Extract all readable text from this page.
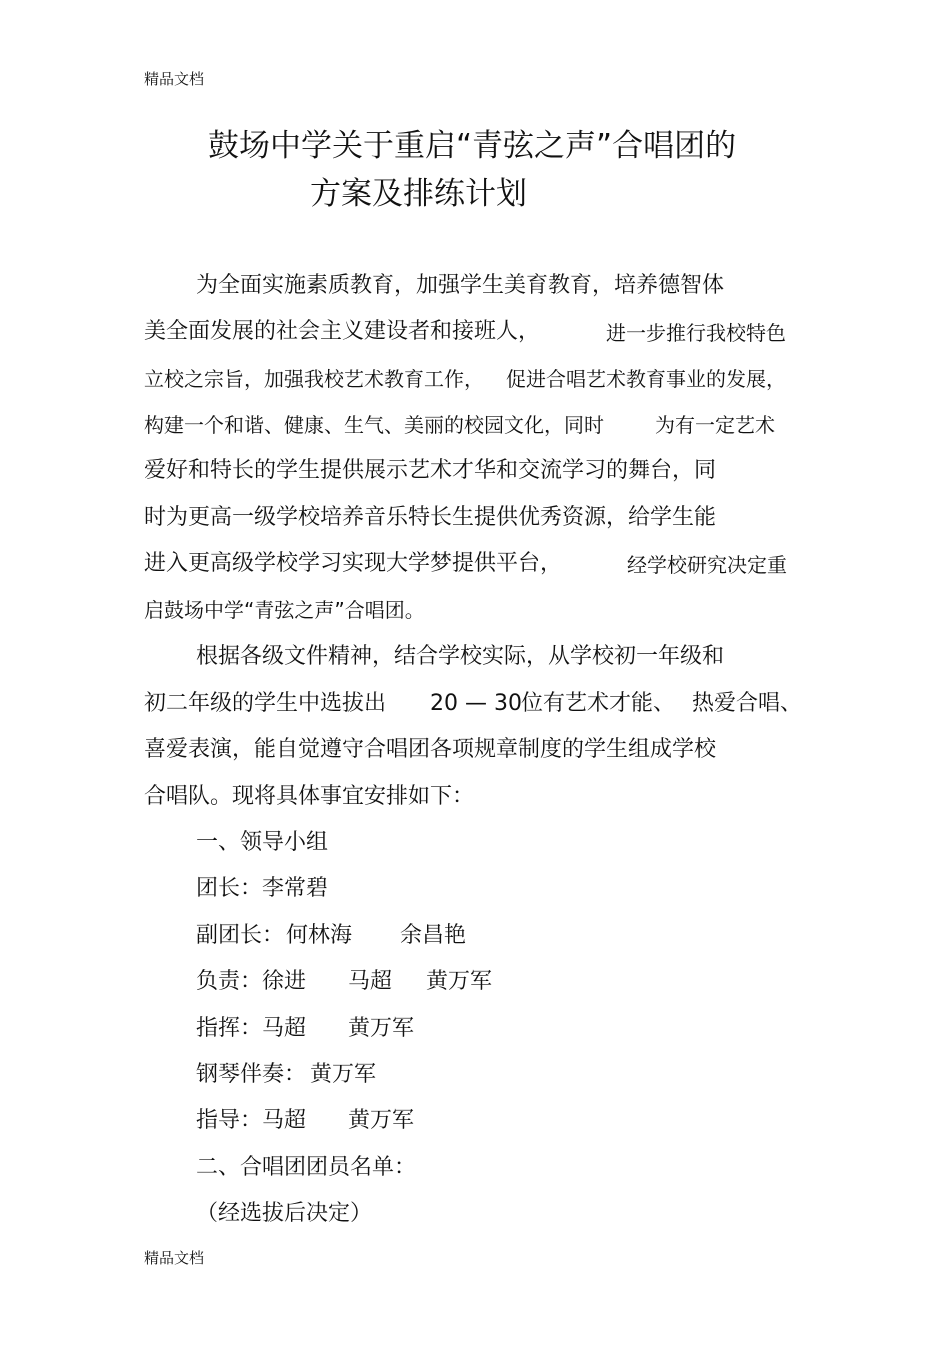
精品文档
鼓场中学关于重启“青弦之声”合唱团的
方案及排练计划
为全面实施素质教育，加强学生美育教育，培养德智体
美全面发展的社会主义建设者和接班人，	进一步推行我校特色
立校之宗旨，加强我校艺术教育工作， 促进合唱艺术教育事业的发展，
构建一个和谐、健康、生气、美丽的校园文化，同时	为有一定艺术
爱好和特长的学生提供展示艺术才华和交流学习的舞台，同
时为更高一级学校培养音乐特长生提供优秀资源，给学生能
进入更高级学校学习实现大学梦提供平台，	经学校研究决定重
启鼓场中学“青弦之声”合唱团。
根据各级文件精神，结合学校实际，从学校初一年级和
初二年级的学生中选拔出 20 — 30 位有艺术才能、 热爱合唱、
喜爱表演，能自觉遵守合唱团各项规章制度的学生组成学校
合唱队。现将具体事宜安排如下：
一、领导小组
团长： 李常碧
副团长： 何林海 余昌艳
负责： 徐进 马超 黄万军
指挥： 马超 黄万军
钢琴伴奏： 黄万军
指导： 马超 黄万军
二、合唱团团员名单：
（经选拔后决定）
精品文档
